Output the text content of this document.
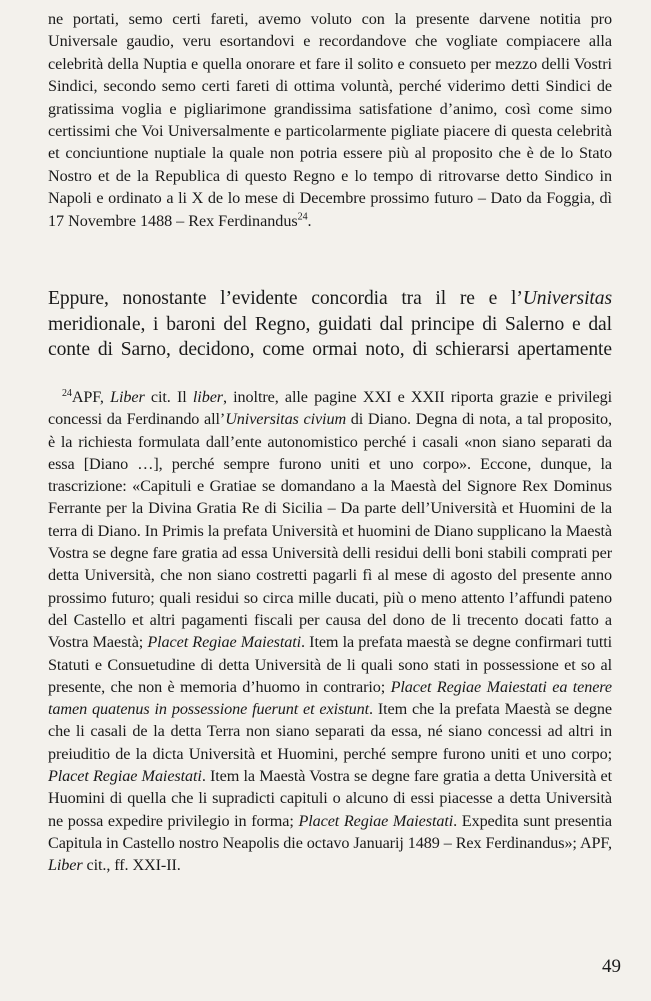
ne portati, semo certi fareti, avemo voluto con la presente darvene notitia pro Universale gaudio, veru esortandovi e recordandove che vogliate compiacere alla celebrità della Nuptia e quella onorare et fare il solito e consueto per mezzo delli Vostri Sindici, secondo semo certi fareti di ottima voluntà, perché viderimo detti Sindici de gratissima voglia e pigliarimone grandissima satisfatione d’animo, così come simo certissimi che Voi Universalmente e particolarmente pigliate piacere di questa celebrità et conciuntione nuptiale la quale non potria essere più al proposito che è de lo Stato Nostro et de la Republica di questo Regno e lo tempo di ritrovarse detto Sindico in Napoli e ordinato a li X de lo mese di Decembre prossimo futuro – Dato da Foggia, dì 17 Novembre 1488 – Rex Ferdinandus$^{24}$.

Eppure, nonostante l’evidente concordia tra il re e l’Universitas meridionale, i baroni del Regno, guidati dal principe di Salerno e dal conte di Sarno, decidono, come ormai noto, di schierarsi apertamente

$^{24}$APF, Liber cit. Il liber, inoltre, alle pagine XXI e XXII riporta grazie e privilegi concessi da Ferdinando all’Universitas civium di Diano. Degna di nota, a tal proposito, è la richiesta formulata dall’ente autonomistico perché i casali «non siano separati da essa [Diano …], perché sempre furono uniti et uno corpo». Eccone, dunque, la trascrizione: «Capituli e Gratiae se domandano a la Maestà del Signore Rex Dominus Ferrante per la Divina Gratia Re di Sicilia – Da parte dell’Università et Huomini de la terra di Diano. In Primis la prefata Università et huomini de Diano supplicano la Maestà Vostra se degne fare gratia ad essa Università delli residui delli boni stabili comprati per detta Università, che non siano costretti pagarli fì al mese di agosto del presente anno prossimo futuro; quali residui so circa mille ducati, più o meno attento l’affundi pateno del Castello et altri pagamenti fiscali per causa del dono de li trecento docati fatto a Vostra Maestà; Placet Regiae Maiestati. Item la prefata maestà se degne confirmari tutti Statuti e Consuetudine di detta Università de li quali sono stati in possessione et so al presente, che non è memoria d’huomo in contrario; Placet Regiae Maiestati ea tenere tamen quatenus in possessione fuerunt et existunt. Item che la prefata Maestà se degne che li casali de la detta Terra non siano separati da essa, né siano concessi ad altri in preiuditio de la dicta Università et Huomini, perché sempre furono uniti et uno corpo; Placet Regiae Maiestati. Item la Maestà Vostra se degne fare gratia a detta Università et Huomini di quella che li supradicti capituli o alcuno di essi piacesse a detta Università ne possa expedire privilegio in forma; Placet Regiae Maiestati. Expedita sunt presentia Capitula in Castello nostro Neapolis die octavo Januarij 1489 – Rex Ferdinandus»; APF, Liber cit., ff. XXI-II.

49
